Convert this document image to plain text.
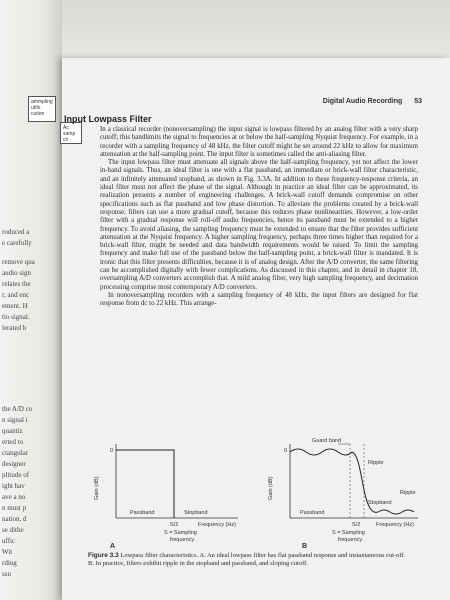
roduced a
e carefully
remove qua
audio sign
relates the
r, and enc
ement. H
tio signal.
lerated b
the A/D co
n signal i
quantiz
erted to
ctangular
designer
plitude of
ight hav
ave a no
n must p
nation, d
se dithe
uffic
Wit
rding
ssu
Digital Audio Recording 53
ammpling
ut/lo
cution
Ac
samp
cir
Input Lowpass Filter

In a classical recorder (nonoversampling) the input signal is lowpass filtered by an analog filter with a very sharp cutoff; this bandlimits the signal to frequencies at or below the half-sampling Nyquist frequency. For example, in a recorder with a sampling frequency of 48 kHz, the filter cutoff might be set around 22 kHz to allow for maximum attenuation at the half-sampling point. The input filter is sometimes called the anti-aliasing filter.

The input lowpass filter must attenuate all signals above the half-sampling frequency, yet not affect the lower in-band signals. Thus, an ideal filter is one with a flat passband, an immediate or brick-wall filter characteristic, and an infinitely attenuated stopband, as shown in Fig. 3.3A. In addition to these frequency-response criteria, an ideal filter must not affect the phase of the signal. Although in practice an ideal filter can be approximated, its realization presents a number of engineering challenges. A brick-wall cutoff demands compromise on other specifications such as flat passband and low phase distortion. To alleviate the problems created by a brick-wall response, filters can use a more gradual cutoff, because this reduces phase nonlinearities. However, a low-order filter with a gradual response will roll-off audio frequencies, hence its passband must be extended to a higher frequency. To avoid aliasing, the sampling frequency must be extended to ensure that the filter provides sufficient attenuation at the Nyquist frequency. A higher sampling frequency, perhaps three times higher than required for a brick-wall filter, might be needed and data bandwidth requirements would be raised. To limit the sampling frequency and make full use of the passband below the half-sampling point, a brick-wall filter is mandated. It is ironic that this filter presents difficulties, because it is of analog design. After the A/D converter, the same filtering can be accomplished digitally with fewer complications. As discussed in this chapter, and in detail in chapter 18, oversampling A/D converters accomplish that. A mild analog filter, very high sampling frequency, and decimation processing comprise most contemporary A/D converters.

In nonoversampling recorders with a sampling frequency of 48 kHz, the input filters are designed for flat response from dc to 22 kHz. This arrange-

Gain (dB)
0
Passband	Stopband
S/2	Frequency (Hz)
S = Sampling
frequency
A
Gain (dB)
0
Guard band
Ripple
Passband
Stopband
Ripple
S/2	Frequency (Hz)
S = Sampling
frequency
B
Figure 3.3 Lowpass filter characteristics. A. An ideal lowpass filter has flat passband response and instantaneous cut-off. B. In practice, filters exhibit ripple in the stopband and passband, and sloping cutoff.
